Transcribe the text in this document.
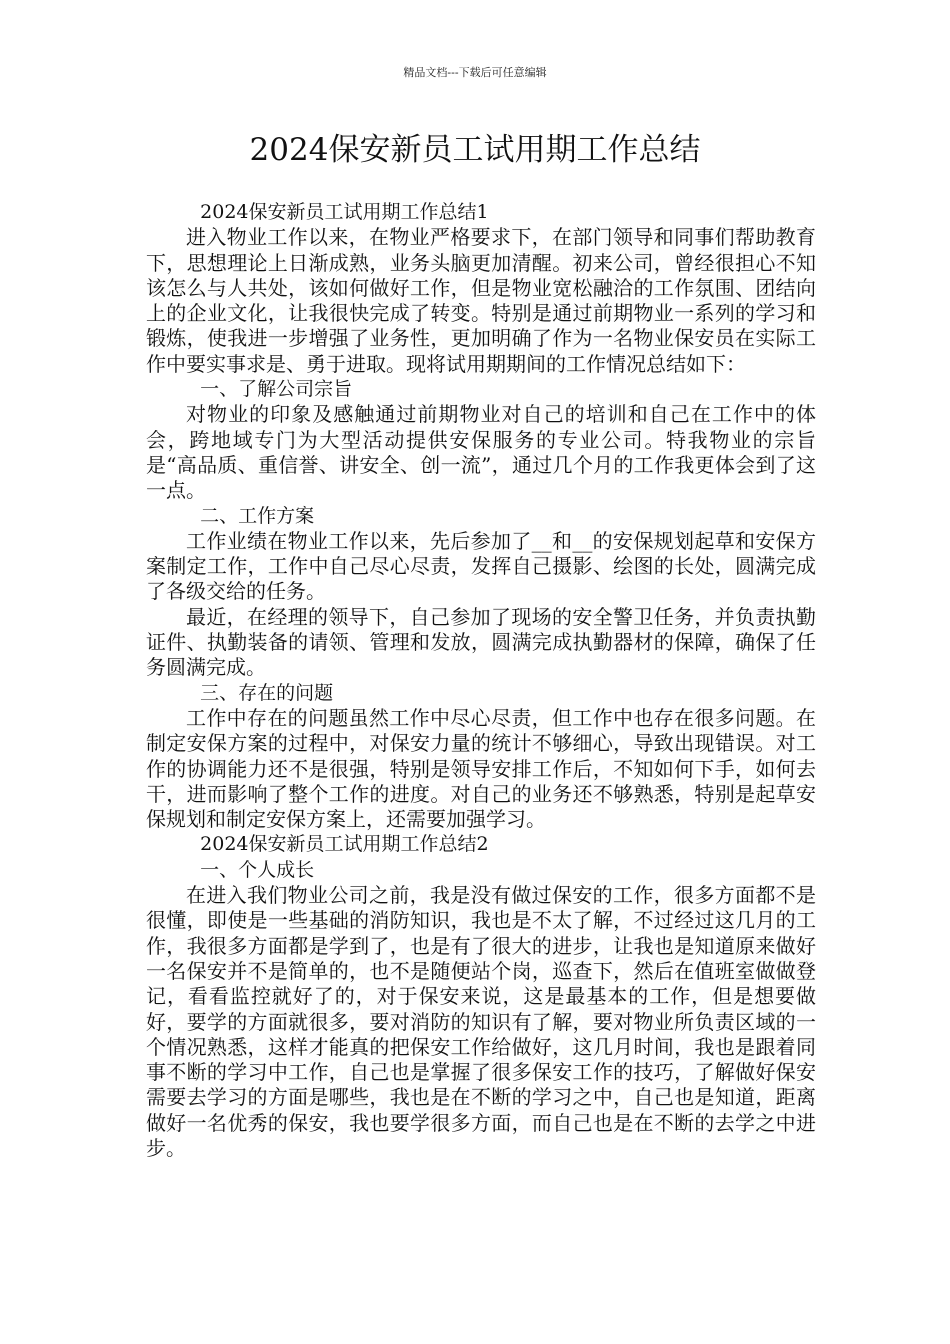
精品文档---下载后可任意编辑
2024保安新员工试用期工作总结

2024保安新员工试用期工作总结1

进入物业工作以来，在物业严格要求下，在部门领导和同事们帮助教育下，思想理论上日渐成熟，业务头脑更加清醒。初来公司，曾经很担心不知该怎么与人共处，该如何做好工作，但是物业宽松融洽的工作氛围、团结向上的企业文化，让我很快完成了转变。特别是通过前期物业一系列的学习和锻炼，使我进一步增强了业务性，更加明确了作为一名物业保安员在实际工作中要实事求是、勇于进取。现将试用期期间的工作情况总结如下：

一、了解公司宗旨

对物业的印象及感触通过前期物业对自己的培训和自己在工作中的体会，跨地域专门为大型活动提供安保服务的专业公司。特我物业的宗旨是“高品质、重信誉、讲安全、创一流”，通过几个月的工作我更体会到了这一点。

二、工作方案

工作业绩在物业工作以来，先后参加了__和__的安保规划起草和安保方案制定工作，工作中自己尽心尽责，发挥自己摄影、绘图的长处，圆满完成了各级交给的任务。

最近，在经理的领导下，自己参加了现场的安全警卫任务，并负责执勤证件、执勤装备的请领、管理和发放，圆满完成执勤器材的保障，确保了任务圆满完成。

三、存在的问题

工作中存在的问题虽然工作中尽心尽责，但工作中也存在很多问题。在制定安保方案的过程中，对保安力量的统计不够细心，导致出现错误。对工作的协调能力还不是很强，特别是领导安排工作后，不知如何下手，如何去干，进而影响了整个工作的进度。对自己的业务还不够熟悉，特别是起草安保规划和制定安保方案上，还需要加强学习。

2024保安新员工试用期工作总结2

一、个人成长

在进入我们物业公司之前，我是没有做过保安的工作，很多方面都不是很懂，即使是一些基础的消防知识，我也是不太了解，不过经过这几月的工作，我很多方面都是学到了，也是有了很大的进步，让我也是知道原来做好一名保安并不是简单的，也不是随便站个岗，巡查下，然后在值班室做做登记，看看监控就好了的，对于保安来说，这是最基本的工作，但是想要做好，要学的方面就很多，要对消防的知识有了解，要对物业所负责区域的一个情况熟悉，这样才能真的把保安工作给做好，这几月时间，我也是跟着同事不断的学习中工作，自己也是掌握了很多保安工作的技巧，了解做好保安需要去学习的方面是哪些，我也是在不断的学习之中，自己也是知道，距离做好一名优秀的保安，我也要学很多方面，而自己也是在不断的去学之中进步。
